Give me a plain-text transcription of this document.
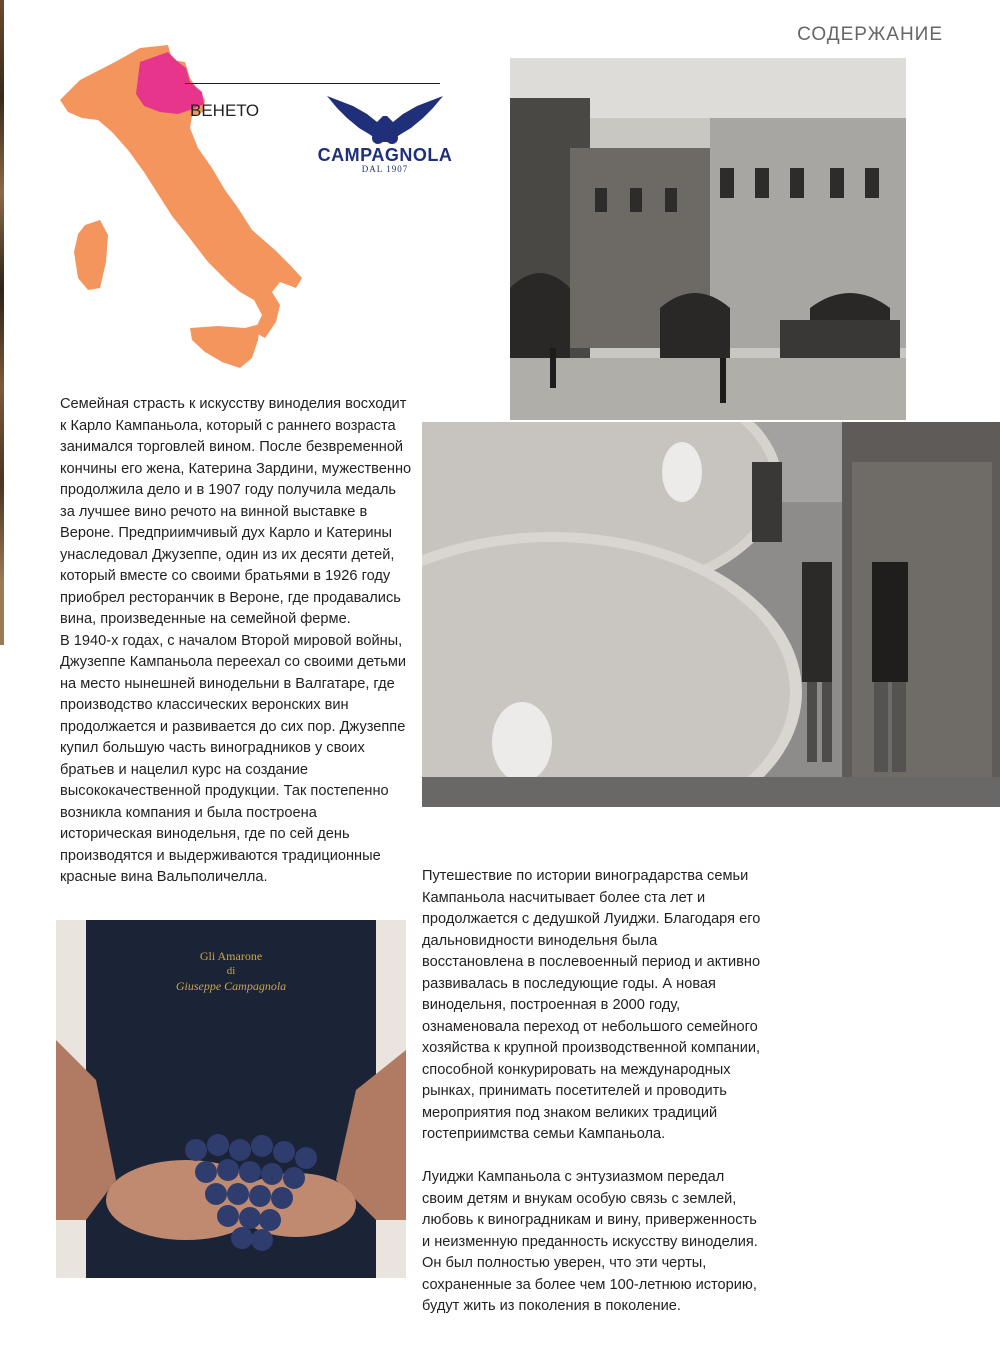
СОДЕРЖАНИЕ
ВЕНЕТО
CAMPAGNOLA
DAL 1907
Gli Amarone
di
Giuseppe Campagnola

Семейная страсть к искусству виноделия восходит к Карло Кампаньола, который с раннего возраста занимался торговлей вином. После безвременной кончины его жена, Катерина Зардини, мужественно продолжила дело и в 1907 году получила медаль за лучшее вино речото на винной выставке в Вероне. Предприимчивый дух Карло и Катерины унаследовал Джузеппе, один из их десяти детей, который вместе со своими братьями в 1926 году приобрел ресторанчик в Вероне, где продавались вина, произведенные на семейной ферме.

В 1940-х годах, с началом Второй мировой войны, Джузеппе Кампаньола переехал со своими детьми на место нынешней винодельни в Валгатаре, где производство классических веронских вин продолжается и развивается до сих пор. Джузеппе купил большую часть виноградников у своих братьев и нацелил курс на создание высококачественной продукции. Так постепенно возникла компания и была построена историческая винодельня, где по сей день производятся и выдерживаются традиционные красные вина Вальполичелла.	Путешествие по истории виноградарства семьи Кампаньола насчитывает более ста лет и продолжается с дедушкой Луиджи. Благодаря его дальновидности винодельня была восстановлена в послевоенный период и активно развивалась в последующие годы. А новая винодельня, построенная в 2000 году, ознаменовала переход от небольшого семейного хозяйства к крупной производственной компании, способной конкурировать на международных рынках, принимать посетителей и проводить мероприятия под знаком великих традиций гостеприимства семьи Кампаньола.

Луиджи Кампаньола с энтузиазмом передал своим детям и внукам особую связь с землей, любовь к виноградникам и вину, приверженность и неизменную преданность искусству виноделия. Он был полностью уверен, что эти черты, сохраненные за более чем 100-летнюю историю, будут жить из поколения в поколение.
